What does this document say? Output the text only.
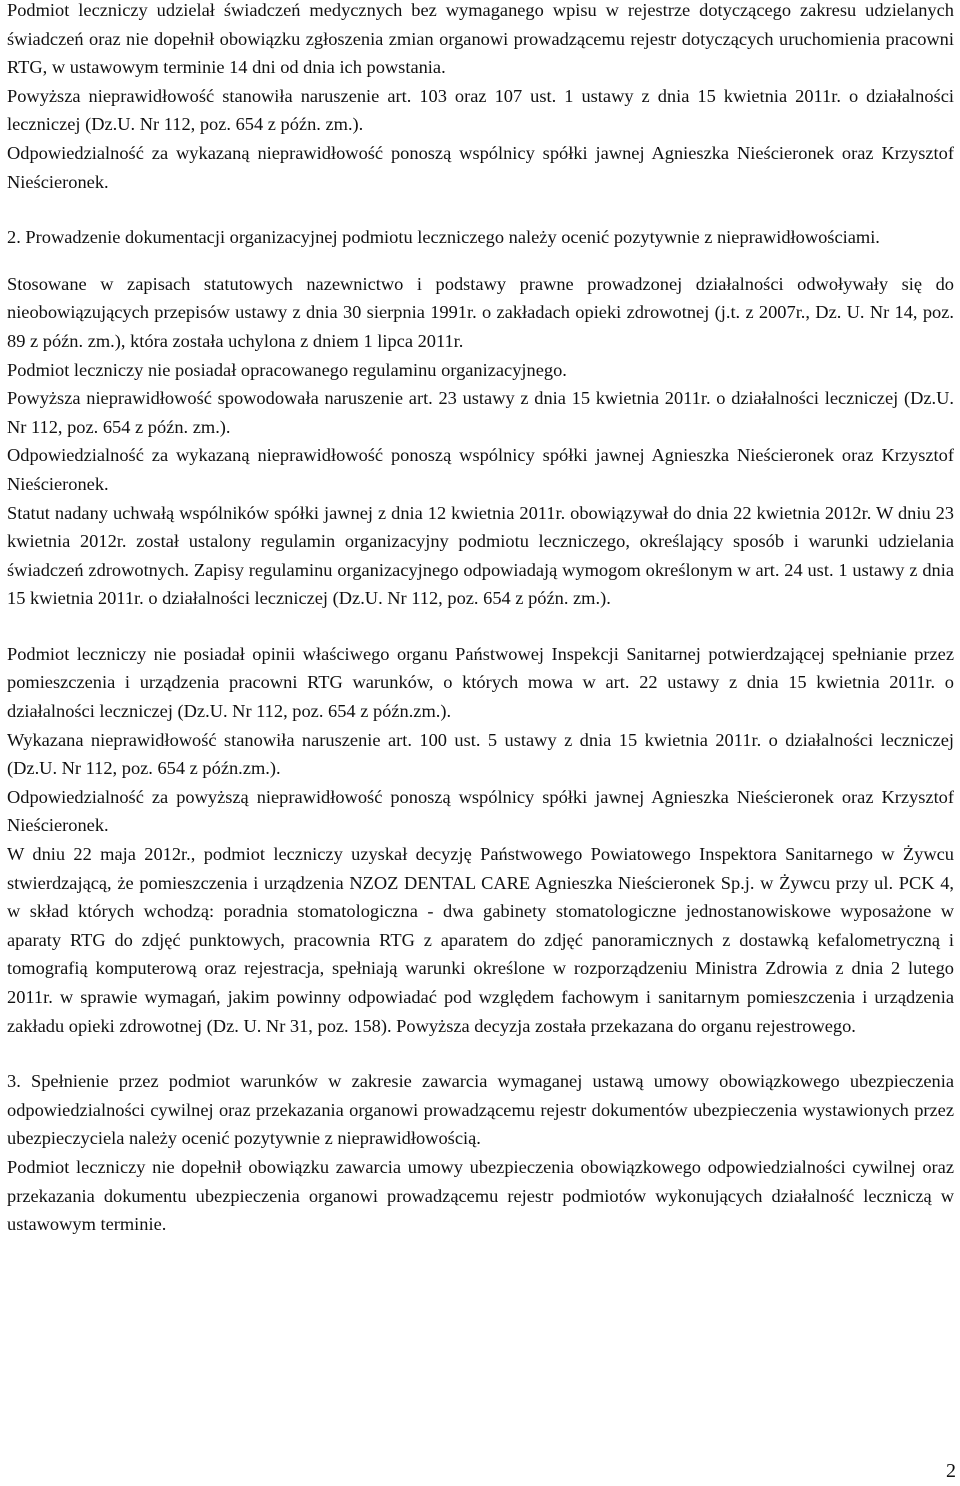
Podmiot leczniczy udzielał świadczeń medycznych bez wymaganego wpisu w rejestrze dotyczącego zakresu udzielanych świadczeń oraz nie dopełnił obowiązku zgłoszenia zmian organowi prowadzącemu rejestr dotyczących uruchomienia pracowni RTG, w ustawowym terminie 14 dni od dnia ich powstania.

Powyższa nieprawidłowość stanowiła naruszenie art. 103 oraz 107 ust. 1 ustawy z dnia 15 kwietnia 2011r. o działalności leczniczej (Dz.U. Nr 112, poz. 654 z późn. zm.).

Odpowiedzialność za wykazaną nieprawidłowość ponoszą wspólnicy spółki jawnej Agnieszka Nieścieronek oraz Krzysztof Nieścieronek.

2. Prowadzenie dokumentacji organizacyjnej podmiotu leczniczego należy ocenić pozytywnie z nieprawidłowościami.

Stosowane w zapisach statutowych nazewnictwo i podstawy prawne prowadzonej działalności odwoływały się do nieobowiązujących przepisów ustawy z dnia 30 sierpnia 1991r. o zakładach opieki zdrowotnej (j.t. z 2007r., Dz. U. Nr 14, poz. 89 z późn. zm.), która została uchylona z dniem 1 lipca 2011r.

Podmiot leczniczy nie posiadał opracowanego regulaminu organizacyjnego.

Powyższa nieprawidłowość spowodowała naruszenie art. 23 ustawy z dnia 15 kwietnia 2011r. o działalności leczniczej (Dz.U. Nr 112, poz. 654 z późn. zm.).

Odpowiedzialność za wykazaną nieprawidłowość ponoszą wspólnicy spółki jawnej Agnieszka Nieścieronek oraz Krzysztof Nieścieronek.

Statut nadany uchwałą wspólników spółki jawnej z dnia 12 kwietnia 2011r. obowiązywał do dnia 22 kwietnia 2012r. W dniu 23 kwietnia 2012r. został ustalony regulamin organizacyjny podmiotu leczniczego, określający sposób i warunki udzielania świadczeń zdrowotnych. Zapisy regulaminu organizacyjnego odpowiadają wymogom określonym w art. 24 ust. 1 ustawy z dnia 15 kwietnia 2011r. o działalności leczniczej (Dz.U. Nr 112, poz. 654 z późn. zm.).

Podmiot leczniczy nie posiadał opinii właściwego organu Państwowej Inspekcji Sanitarnej potwierdzającej spełnianie przez pomieszczenia i urządzenia pracowni RTG warunków, o których mowa w art. 22 ustawy z dnia 15 kwietnia 2011r. o działalności leczniczej (Dz.U. Nr 112, poz. 654 z późn.zm.).

Wykazana nieprawidłowość stanowiła naruszenie art. 100 ust. 5 ustawy z dnia 15 kwietnia 2011r. o działalności leczniczej (Dz.U. Nr 112, poz. 654 z późn.zm.).

Odpowiedzialność za powyższą nieprawidłowość ponoszą wspólnicy spółki jawnej Agnieszka Nieścieronek oraz Krzysztof Nieścieronek.

W dniu 22 maja 2012r., podmiot leczniczy uzyskał decyzję Państwowego Powiatowego Inspektora Sanitarnego w Żywcu stwierdzającą, że pomieszczenia i urządzenia NZOZ DENTAL CARE Agnieszka Nieścieronek Sp.j. w Żywcu przy ul. PCK 4, w skład których wchodzą: poradnia stomatologiczna - dwa gabinety stomatologiczne jednostanowiskowe wyposażone w aparaty RTG do zdjęć punktowych, pracownia RTG z aparatem do zdjęć panoramicznych z dostawką kefalometryczną i tomografią komputerową oraz rejestracja, spełniają warunki określone w rozporządzeniu Ministra Zdrowia z dnia 2 lutego 2011r. w sprawie wymagań, jakim powinny odpowiadać pod względem fachowym i sanitarnym pomieszczenia i urządzenia zakładu opieki zdrowotnej (Dz. U. Nr 31, poz. 158). Powyższa decyzja została przekazana do organu rejestrowego.

3. Spełnienie przez podmiot warunków w zakresie zawarcia wymaganej ustawą umowy obowiązkowego ubezpieczenia odpowiedzialności cywilnej oraz przekazania organowi prowadzącemu rejestr dokumentów ubezpieczenia wystawionych przez ubezpieczyciela należy ocenić pozytywnie z nieprawidłowością.

Podmiot leczniczy nie dopełnił obowiązku zawarcia umowy ubezpieczenia obowiązkowego odpowiedzialności cywilnej oraz przekazania dokumentu ubezpieczenia organowi prowadzącemu rejestr podmiotów wykonujących działalność leczniczą w ustawowym terminie.

2
